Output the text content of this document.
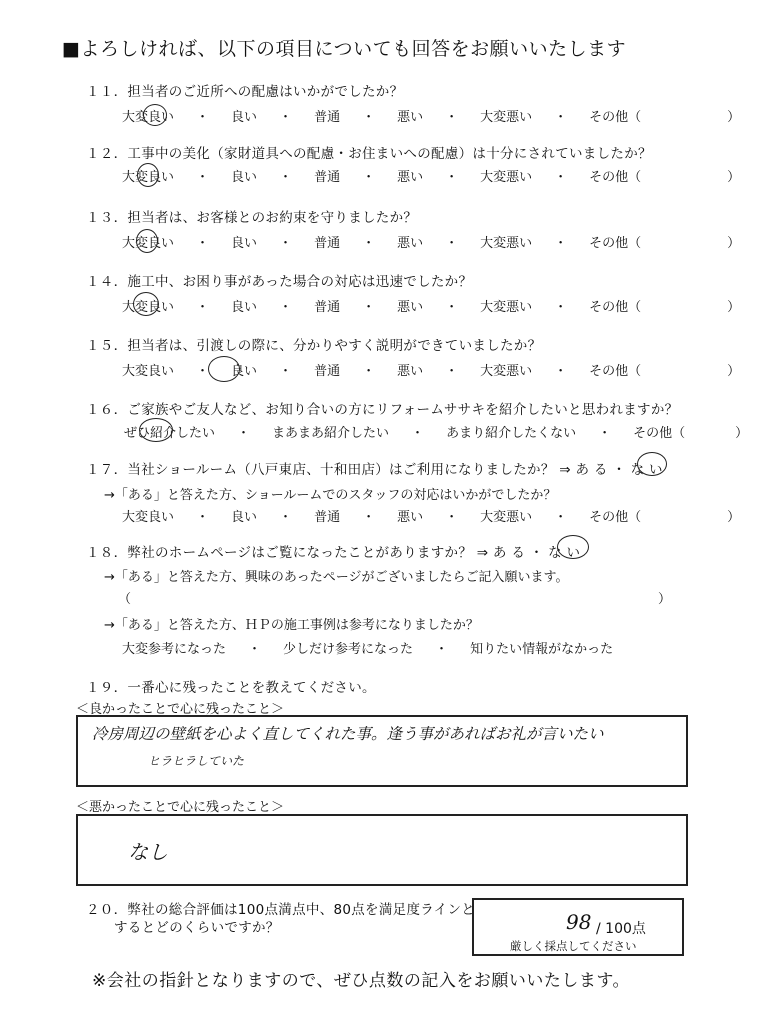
■よろしければ、以下の項目についても回答をお願いいたします
１１．担当者のご近所への配慮はいかがでしたか？
大変良い ・ 良い ・ 普通 ・ 悪い ・ 大変悪い ・ その他（	）
１２．工事中の美化（家財道具への配慮・お住まいへの配慮）は十分にされていましたか？
大変良い ・ 良い ・ 普通 ・ 悪い ・ 大変悪い ・ その他（	）
１３．担当者は、お客様とのお約束を守りましたか？
大変良い ・ 良い ・ 普通 ・ 悪い ・ 大変悪い ・ その他（	）
１４．施工中、お困り事があった場合の対応は迅速でしたか？
大変良い ・ 良い ・ 普通 ・ 悪い ・ 大変悪い ・ その他（	）
１５．担当者は、引渡しの際に、分かりやすく説明ができていましたか？
大変良い ・ 良い ・ 普通 ・ 悪い ・ 大変悪い ・ その他（	）
１６．ご家族やご友人など、お知り合いの方にリフォームササキを紹介したいと思われますか？
ぜひ紹介したい ・ まあまあ紹介したい ・ あまり紹介したくない ・ その他（	）
１７．当社ショールーム（八戸東店、十和田店）はご利用になりましたか？ ⇒ あ る ・ な い
→「ある」と答えた方、ショールームでのスタッフの対応はいかがでしたか？
大変良い ・ 良い ・ 普通 ・ 悪い ・ 大変悪い ・ その他（	）
１８．弊社のホームページはご覧になったことがありますか？ ⇒ あ る ・ な い
→「ある」と答えた方、興味のあったページがございましたらご記入願います。
（	）
→「ある」と答えた方、ＨＰの施工事例は参考になりましたか？
大変参考になった ・ 少しだけ参考になった ・ 知りたい情報がなかった
１９．一番心に残ったことを教えてください。
＜良かったことで心に残ったこと＞
冷房周辺の壁紙を心よく直してくれた事。逢う事があればお礼が言いたい
ヒラヒラしていた
＜悪かったことで心に残ったこと＞
なし
２０．弊社の総合評価は100点満点中、80点を満足度ラインと
するとどのくらいですか？	98 / 100点
厳しく採点してください
※会社の指針となりますので、ぜひ点数の記入をお願いいたします。
